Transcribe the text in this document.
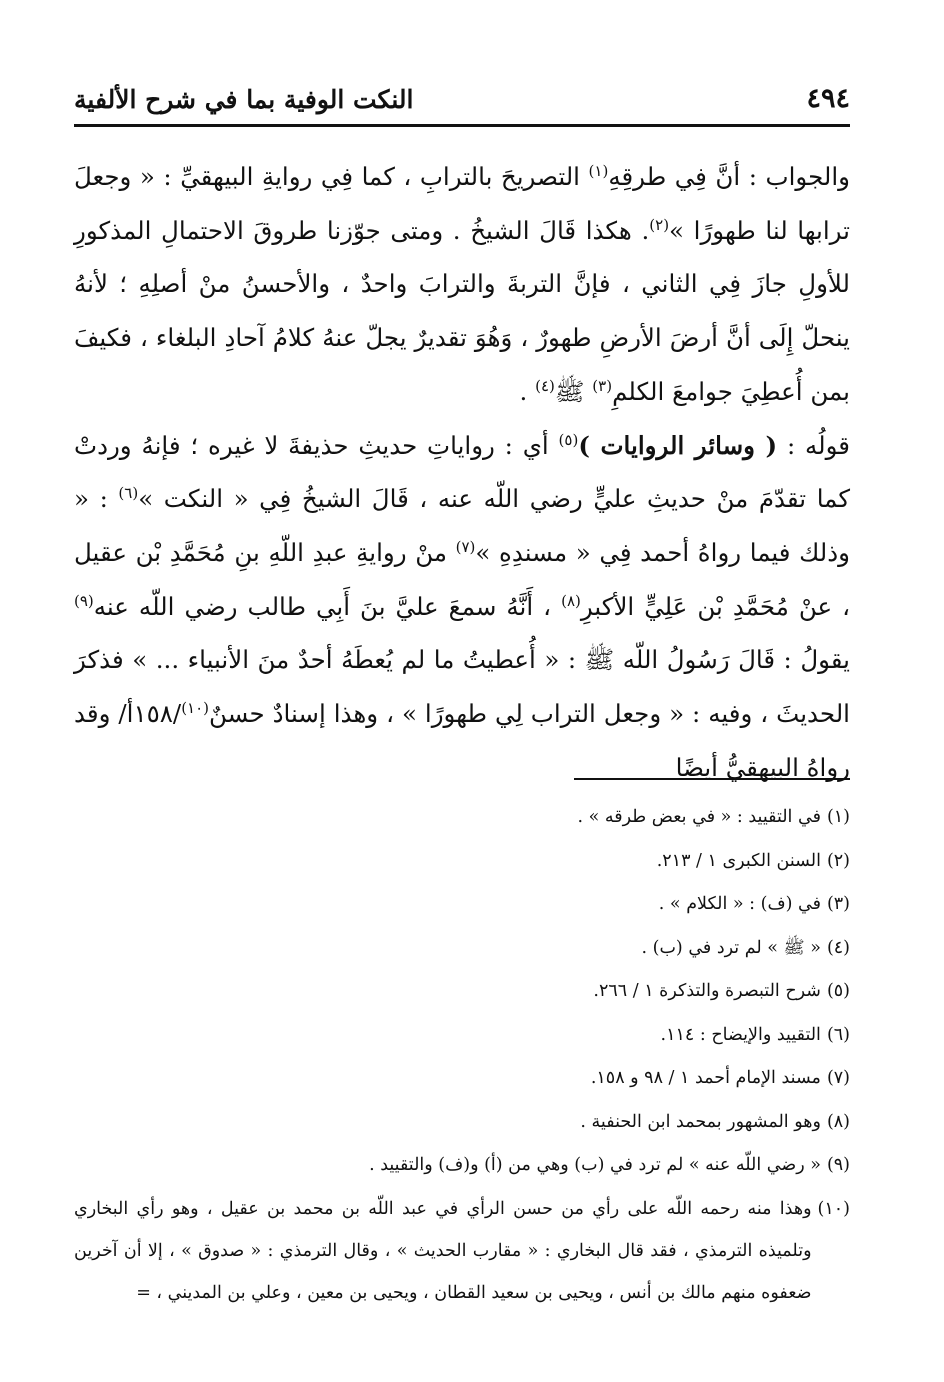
٤٩٤
النكت الوفية بما في شرح الألفية

والجواب : أنَّ فِي طرقِهِ$^{(١)}$ التصريحَ بالترابِ ، كما فِي روايةِ البيهقيِّ : « وجعلَ ترابها لنا طهورًا »$^{(٢)}$. هكذا قَالَ الشيخُ . ومتى جوّزنا طروقَ الاحتمالِ المذكورِ للأولِ جازَ فِي الثاني ، فإنَّ التربةَ والترابَ واحدٌ ، والأحسنُ منْ أصلِهِ ؛ لأنهُ ينحلّ إِلَى أنَّ أرضَ الأرضِ طهورٌ ، وَهُوَ تقديرٌ يجلّ عنهُ كلامُ آحادِ البلغاء ، فكيفَ بمن أُعطِيَ جوامعَ الكلمِ$^{(٣)}$ ﷺ$^{(٤)}$ .

قولُه : ( وسائر الروايات )$^{(٥)}$ أي : رواياتِ حديثِ حذيفةَ لا غيره ؛ فإنهُ وردتْ كما تقدّمَ منْ حديثِ عليٍّ رضي اللّه عنه ، قَالَ الشيخُ فِي « النكت »$^{(٦)}$ : « وذلك فيما رواهُ أحمد فِي « مسندِهِ »$^{(٧)}$ منْ روايةِ عبدِ اللّهِ بنِ مُحَمَّدِ بْن عقيل ، عنْ مُحَمَّدِ بْن عَلِيٍّ الأكبرِ$^{(٨)}$ ، أَنَّهُ سمعَ عليَّ بنَ أَبِي طالب رضي اللّه عنه$^{(٩)}$ يقولُ : قَالَ رَسُولُ اللّه ﷺ : « أُعطيتُ ما لم يُعطَهُ أحدٌ منَ الأنبياء ... » فذكرَ الحديثَ ، وفيه : « وجعل التراب لِي طهورًا » ، وهذا إسنادٌ حسنٌ$^{(١٠)}$/١٥٨أ/ وقد رواهُ البيهقيُّ أيضًا

(١)
في التقييد : « في بعض طرقه » .
(٢)
السنن الكبرى ١ / ٢١٣.
(٣)
في (ف) : « الكلام » .
(٤)
« ﷺ » لم ترد في (ب) .
(٥)
شرح التبصرة والتذكرة ١ / ٢٦٦.
(٦)
التقييد والإيضاح : ١١٤.
(٧)
مسند الإمام أحمد ١ / ٩٨ و ١٥٨.
(٨)
وهو المشهور بمحمد ابن الحنفية .
(٩)
« رضي اللّه عنه » لم ترد في (ب) وهي من (أ) و(ف) والتقييد .
(١٠)
وهذا منه رحمه اللّه على رأي من حسن الرأي في عبد اللّه بن محمد بن عقيل ، وهو رأي البخاري وتلميذه الترمذي ، فقد قال البخاري : « مقارب الحديث » ، وقال الترمذي : « صدوق » ، إلا أن آخرين ضعفوه منهم مالك بن أنس ، ويحيى بن سعيد القطان ، ويحيى بن معين ، وعلي بن المديني ، =
